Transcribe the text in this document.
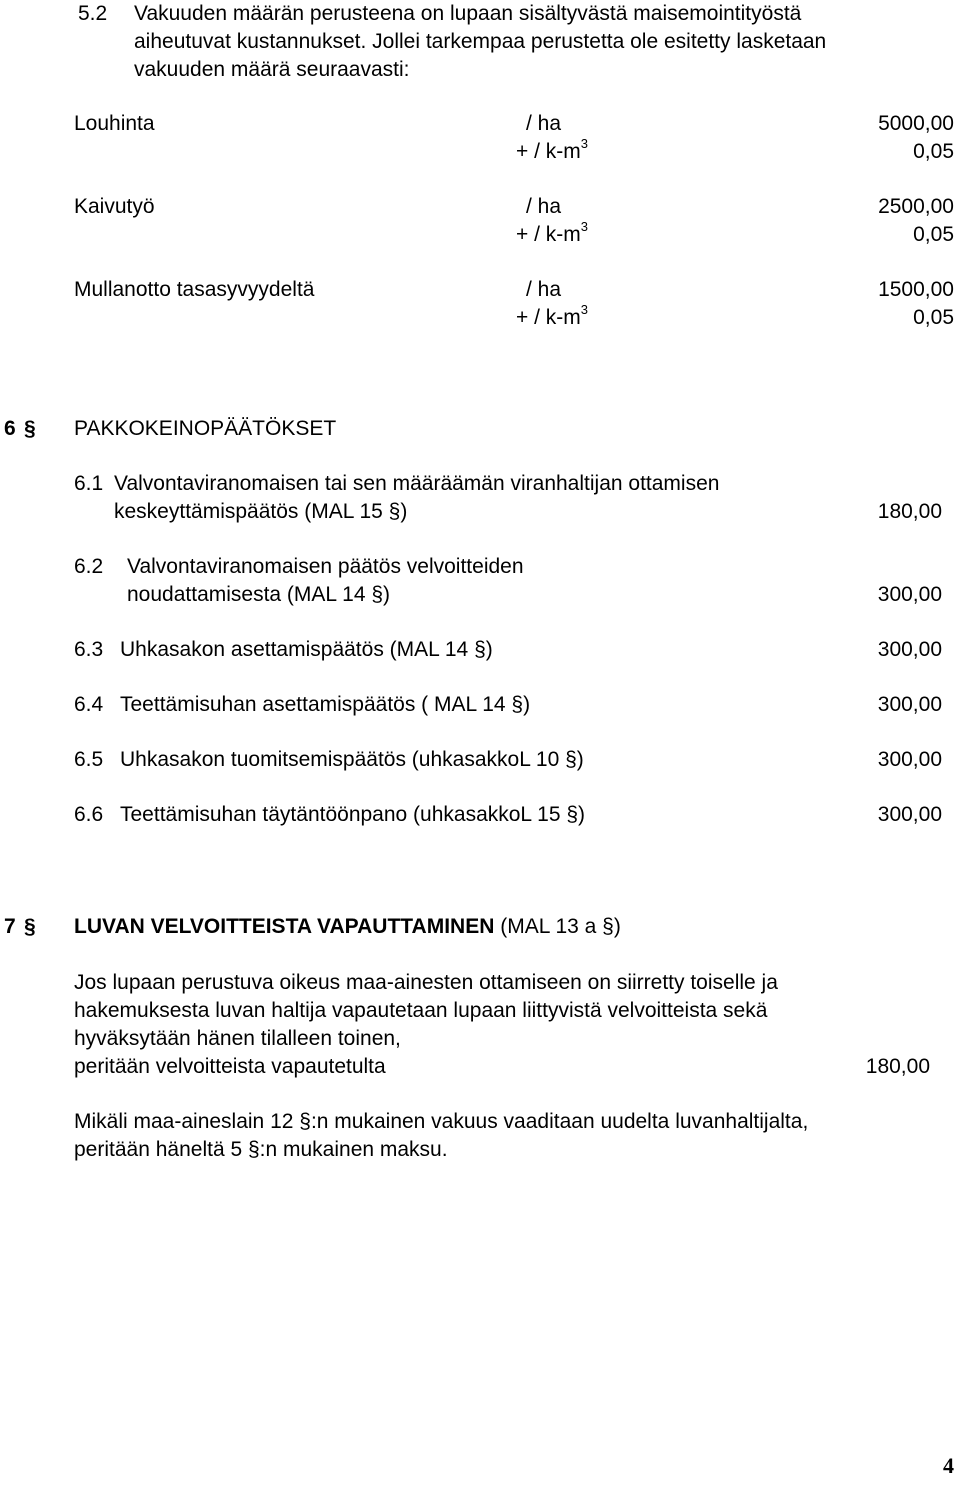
5.2 Vakuuden määrän perusteena on lupaan sisältyvästä maisemointityöstä
aiheutuvat kustannukset. Jollei tarkempaa perustetta ole esitetty lasketaan
vakuuden määrä seuraavasti:
Louhinta	/ ha	5000,00
+ / $k-m^3$	0,05
Kaivutyö	/ ha	2500,00
+ / $k-m^3$	0,05
Mullanotto tasasyvyydeltä	/ ha	1500,00
+ / $k-m^3$	0,05
6 § PAKKOKEINOPÄÄTÖKSET
6.1 Valvontaviranomaisen tai sen määräämän viranhaltijan ottamisen
keskeyttämispäätös (MAL 15 §)	180,00
6.2 Valvontaviranomaisen päätös velvoitteiden
noudattamisesta (MAL 14 §)	300,00
6.3 Uhkasakon asettamispäätös (MAL 14 §)	300,00
6.4 Teettämisuhan asettamispäätös ( MAL 14 §)	300,00
6.5 Uhkasakon tuomitsemispäätös (uhkasakkoL 10 §)	300,00
6.6 Teettämisuhan täytäntöönpano (uhkasakkoL 15 §)	300,00
7 § LUVAN VELVOITTEISTA VAPAUTTAMINEN (MAL 13 a §)
Jos lupaan perustuva oikeus maa-ainesten ottamiseen on siirretty toiselle ja
hakemuksesta luvan haltija vapautetaan lupaan liittyvistä velvoitteista sekä
hyväksytään hänen tilalleen toinen,
peritään velvoitteista vapautetulta	180,00
Mikäli maa-aineslain 12 §:n mukainen vakuus vaaditaan uudelta luvanhaltijalta,
peritään häneltä 5 §:n mukainen maksu.
4
